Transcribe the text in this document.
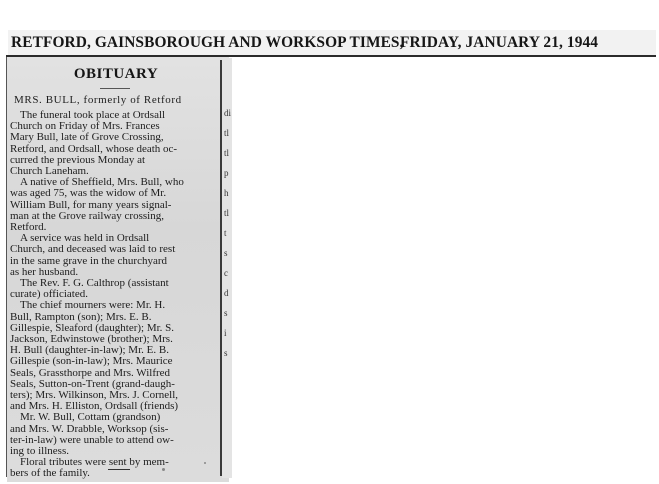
RETFORD, GAINSBOROUGH AND WORKSOP TIMES,
FRIDAY, JANUARY 21, 1944
di
tl
tl
p
h
tl
t
s
c
d
s
i
s
OBITUARY
MRS. BULL, formerly of Retford
The funeral took place at Ordsall
Church on Friday of Mrs. Frances
Mary Bull, late of Grove Crossing,
Retford, and Ordsall, whose death oc-
curred the previous Monday at
Church Laneham.
A native of Sheffield, Mrs. Bull, who
was aged 75, was the widow of Mr.
William Bull, for many years signal-
man at the Grove railway crossing,
Retford.
A service was held in Ordsall
Church, and deceased was laid to rest
in the same grave in the churchyard
as her husband.
The Rev. F. G. Calthrop (assistant
curate) officiated.
The chief mourners were: Mr. H.
Bull, Rampton (son); Mrs. E. B.
Gillespie, Sleaford (daughter); Mr. S.
Jackson, Edwinstowe (brother); Mrs.
H. Bull (daughter-in-law); Mr. E. B.
Gillespie (son-in-law); Mrs. Maurice
Seals, Grassthorpe and Mrs. Wilfred
Seals, Sutton-on-Trent (grand-daugh-
ters); Mrs. Wilkinson, Mrs. J. Cornell,
and Mrs. H. Elliston, Ordsall (friends)
Mr. W. Bull, Cottam (grandson)
and Mrs. W. Drabble, Worksop (sis-
ter-in-law) were unable to attend ow-
ing to illness.
Floral tributes were sent by mem-
bers of the family.
